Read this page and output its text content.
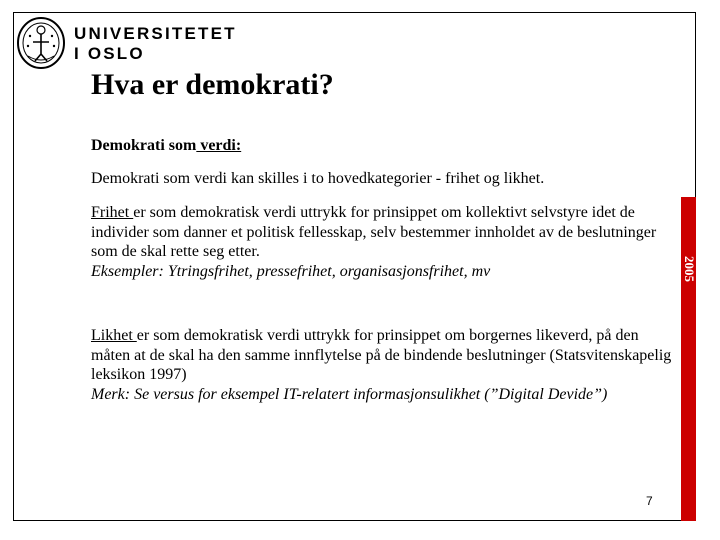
UNIVERSITETET
I OSLO
Hva er demokrati?
Demokrati som verdi:
Demokrati som verdi kan skilles i to hovedkategorier - frihet og likhet.
Frihet er som demokratisk verdi uttrykk for prinsippet om kollektivt selvstyre idet de individer som danner et politisk fellesskap, selv bestemmer innholdet av de beslutninger som de skal rette seg etter.
Eksempler: Ytringsfrihet, pressefrihet, organisasjonsfrihet, mv
Likhet er som demokratisk verdi uttrykk for prinsippet om borgernes likeverd, på den måten at de skal ha den samme innflytelse på de bindende beslutninger (Statsvitenskapelig leksikon 1997)
Merk: Se versus for eksempel IT-relatert informasjonsulikhet (”Digital Devide”)
2005
7
